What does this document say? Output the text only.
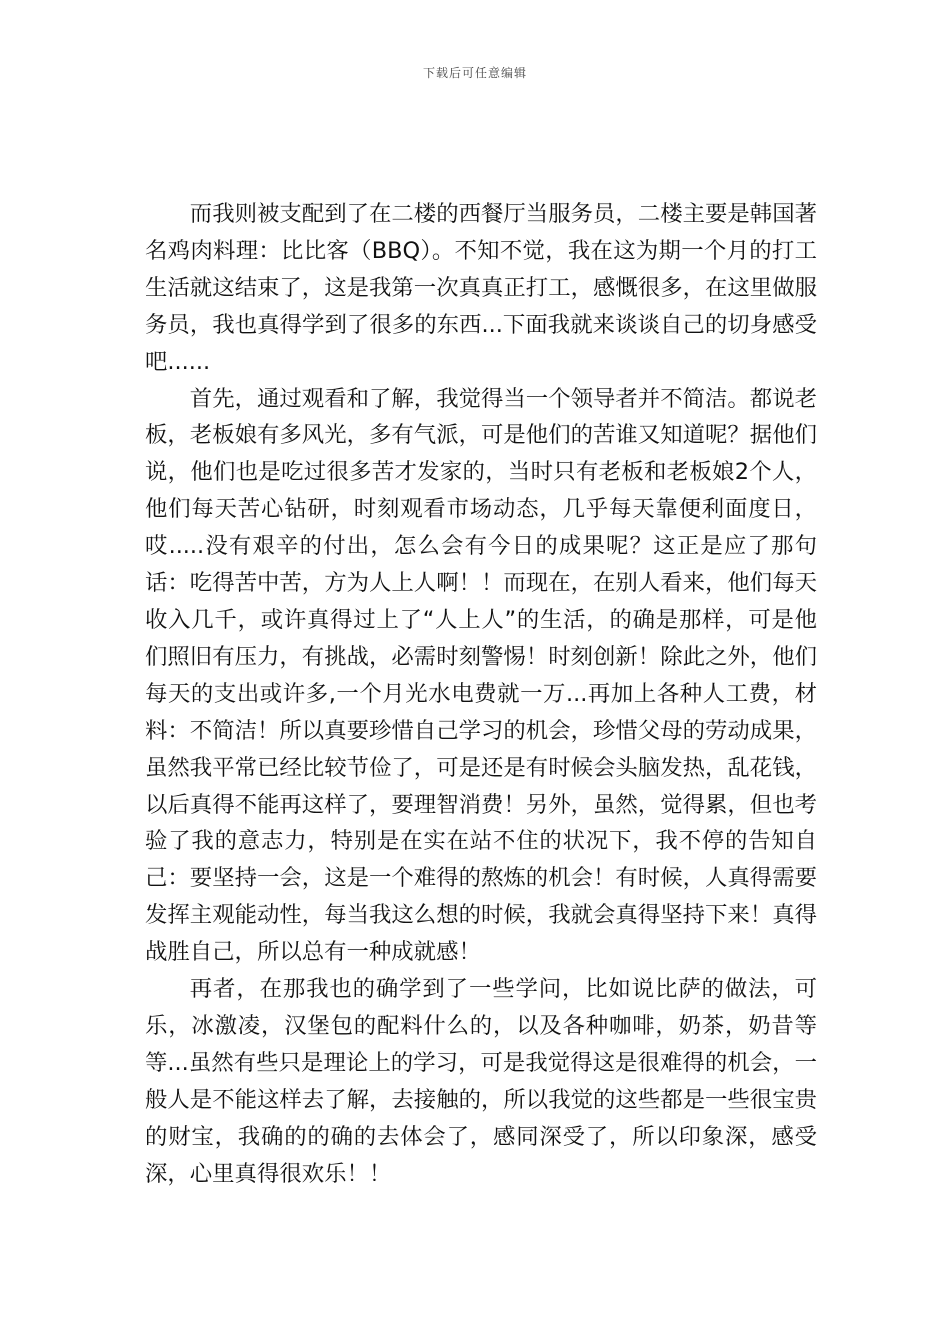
下载后可任意编辑

而我则被支配到了在二楼的西餐厅当服务员，二楼主要是韩国著名鸡肉料理：比比客（BBQ）。不知不觉，我在这为期一个月的打工生活就这结束了，这是我第一次真真正打工，感慨很多，在这里做服务员，我也真得学到了很多的东西...下面我就来谈谈自己的切身感受吧......

首先，通过观看和了解，我觉得当一个领导者并不简洁。都说老板，老板娘有多风光，多有气派，可是他们的苦谁又知道呢？据他们说，他们也是吃过很多苦才发家的，当时只有老板和老板娘2个人，他们每天苦心钻研，时刻观看市场动态，几乎每天靠便利面度日，哎.....没有艰辛的付出，怎么会有今日的成果呢？这正是应了那句话：吃得苦中苦，方为人上人啊！！而现在，在别人看来，他们每天收入几千，或许真得过上了“人上人”的生活，的确是那样，可是他们照旧有压力，有挑战，必需时刻警惕！时刻创新！除此之外，他们每天的支出或许多,一个月光水电费就一万...再加上各种人工费，材料：不简洁！所以真要珍惜自己学习的机会，珍惜父母的劳动成果，虽然我平常已经比较节俭了，可是还是有时候会头脑发热，乱花钱，以后真得不能再这样了，要理智消费！另外，虽然，觉得累，但也考验了我的意志力，特别是在实在站不住的状况下，我不停的告知自己：要坚持一会，这是一个难得的熬炼的机会！有时候，人真得需要发挥主观能动性，每当我这么想的时候，我就会真得坚持下来！真得战胜自己，所以总有一种成就感！

再者，在那我也的确学到了一些学问，比如说比萨的做法，可乐，冰激凌，汉堡包的配料什么的，以及各种咖啡，奶茶，奶昔等等...虽然有些只是理论上的学习，可是我觉得这是很难得的机会，一般人是不能这样去了解，去接触的，所以我觉的这些都是一些很宝贵的财宝，我确的的确的去体会了，感同深受了，所以印象深，感受深，心里真得很欢乐！！
